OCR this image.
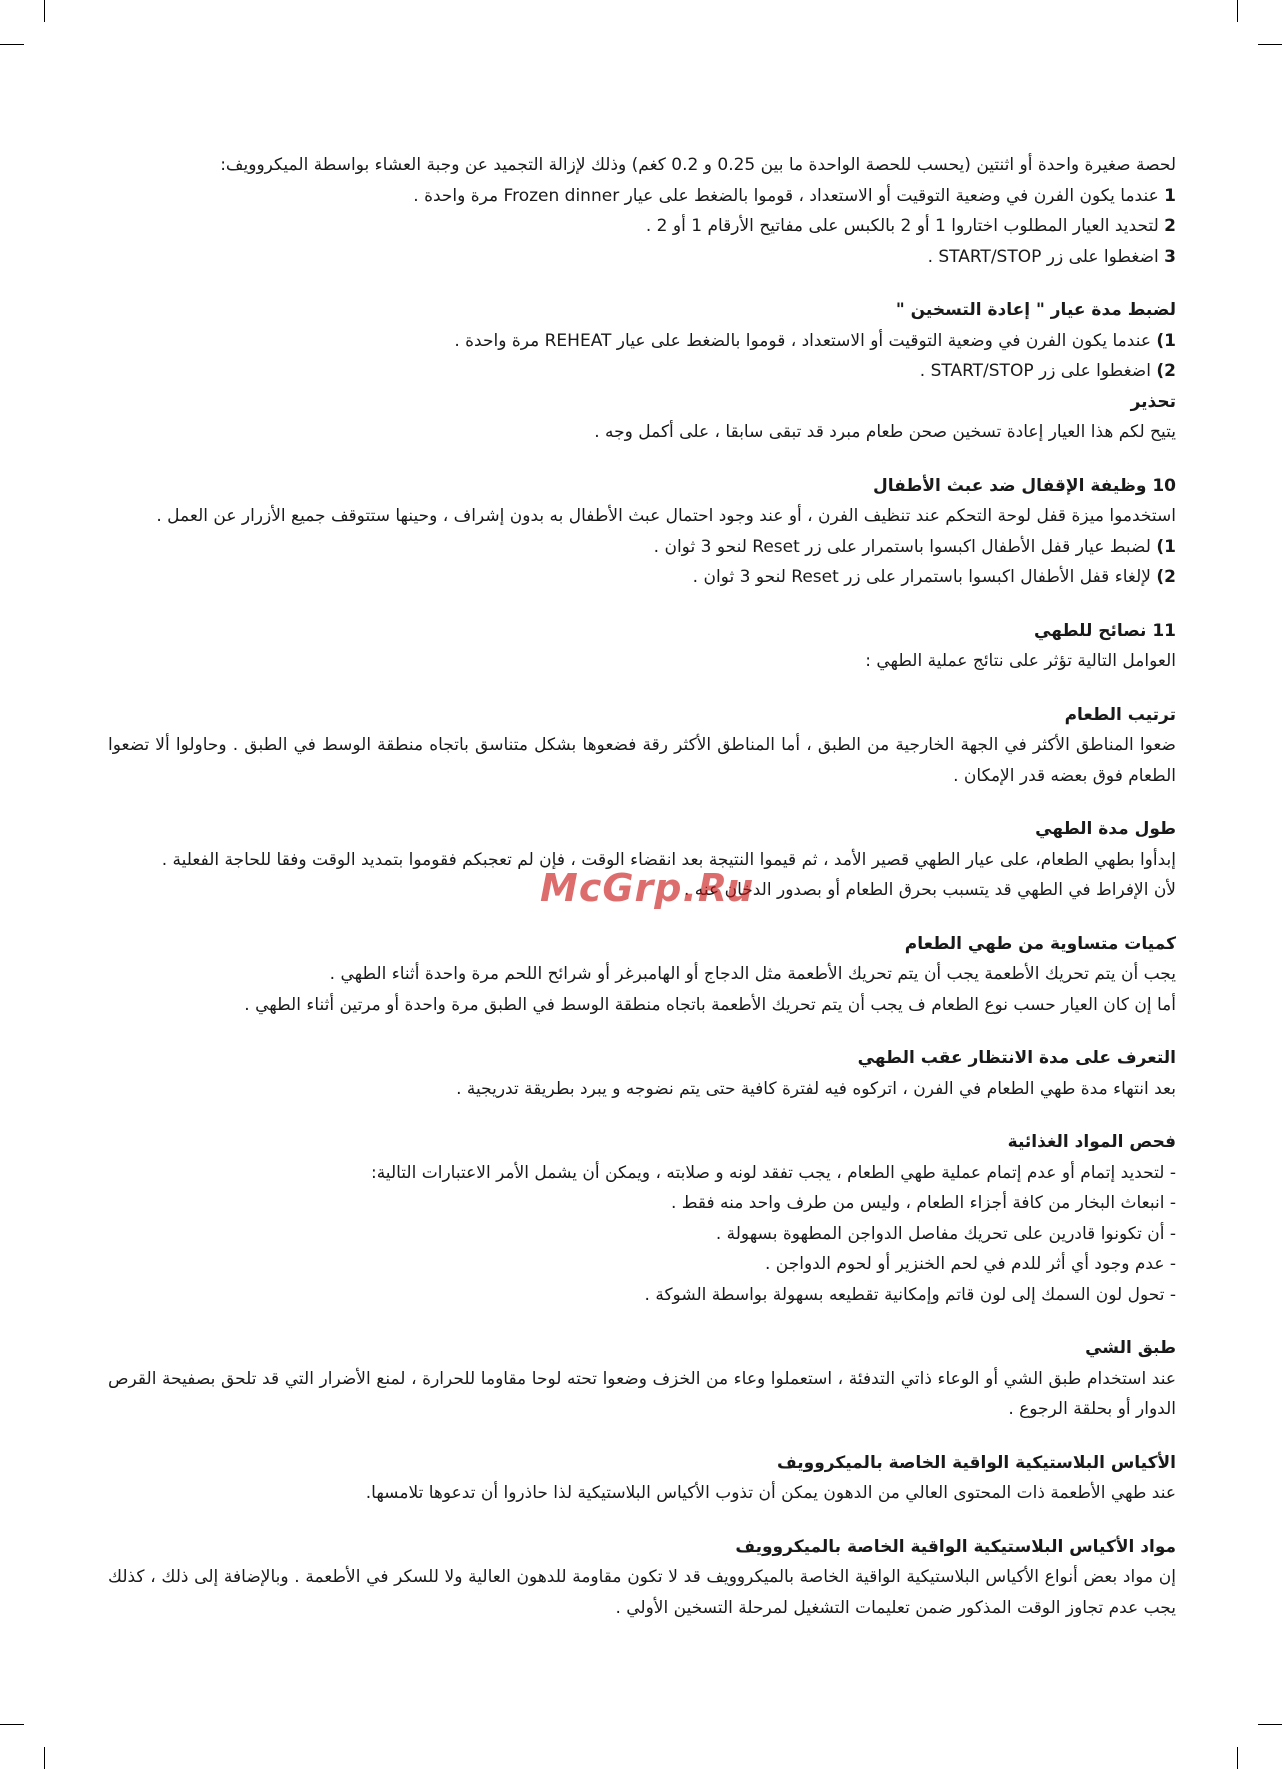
لحصة صغيرة واحدة أو اثنتين (يحسب للحصة الواحدة ما بين 0.25 و 0.2 كغم) وذلك لإزالة التجميد عن وجبة العشاء بواسطة الميكروويف:
1 عندما يكون الفرن في وضعية التوقيت أو الاستعداد ، قوموا بالضغط على عيار Frozen dinner مرة واحدة .
2 لتحديد العيار المطلوب اختاروا 1 أو 2 بالكبس على مفاتيح الأرقام 1 أو 2 .
3 اضغطوا على زر START/STOP .
لضبط مدة عيار " إعادة التسخين "
1) عندما يكون الفرن في وضعية التوقيت أو الاستعداد ، قوموا بالضغط على عيار REHEAT مرة واحدة .
2) اضغطوا على زر START/STOP .
تحذير
يتيح لكم هذا العيار إعادة تسخين صحن طعام مبرد قد تبقى سابقا ، على أكمل وجه .
10 وظيفة الإقفال ضد عبث الأطفال
استخدموا ميزة قفل لوحة التحكم عند تنظيف الفرن ، أو عند وجود احتمال عبث الأطفال به بدون إشراف ، وحينها ستتوقف جميع الأزرار عن العمل .
1) لضبط عيار قفل الأطفال اكبسوا باستمرار على زر Reset لنحو 3 ثوان .
2) لإلغاء قفل الأطفال اكبسوا باستمرار على زر Reset لنحو 3 ثوان .
11 نصائح للطهي
العوامل التالية تؤثر على نتائج عملية الطهي :
ترتيب الطعام
ضعوا المناطق الأكثر في الجهة الخارجية من الطبق ، أما المناطق الأكثر رقة فضعوها بشكل متناسق باتجاه منطقة الوسط في الطبق . وحاولوا ألا تضعوا الطعام فوق بعضه قدر الإمكان .
طول مدة الطهي
إبدأوا بطهي الطعام، على عيار الطهي قصير الأمد ، ثم قيموا النتيجة بعد انقضاء الوقت ، فإن لم تعجبكم فقوموا بتمديد الوقت وفقا للحاجة الفعلية .
لأن الإفراط في الطهي قد يتسبب بحرق الطعام أو بصدور الدخان عنه .
كميات متساوية من طهي الطعام
يجب أن يتم تحريك الأطعمة يجب أن يتم تحريك الأطعمة مثل الدجاج أو الهامبرغر أو شرائح اللحم مرة واحدة أثناء الطهي .
أما إن كان العيار حسب نوع الطعام ف يجب أن يتم تحريك الأطعمة باتجاه منطقة الوسط في الطبق مرة واحدة أو مرتين أثناء الطهي .
التعرف على مدة الانتظار عقب الطهي
بعد انتهاء مدة طهي الطعام في الفرن ، اتركوه فيه لفترة كافية حتى يتم نضوجه و يبرد بطريقة تدريجية .
فحص المواد الغذائية
- لتحديد إتمام أو عدم إتمام عملية طهي الطعام ، يجب تفقد لونه و صلابته ، ويمكن أن يشمل الأمر الاعتبارات التالية:
- انبعاث البخار من كافة أجزاء الطعام ، وليس من طرف واحد منه فقط .
- أن تكونوا قادرين على تحريك مفاصل الدواجن المطهوة بسهولة .
- عدم وجود أي أثر للدم في لحم الخنزير أو لحوم الدواجن .
- تحول لون السمك إلى لون قاتم وإمكانية تقطيعه بسهولة بواسطة الشوكة .
طبق الشي
عند استخدام طبق الشي أو الوعاء ذاتي التدفئة ، استعملوا وعاء من الخزف وضعوا تحته لوحا مقاوما للحرارة ، لمنع الأضرار التي قد تلحق بصفيحة القرص الدوار أو بحلقة الرجوع .
الأكياس البلاستيكية الواقية الخاصة بالميكروويف
عند طهي الأطعمة ذات المحتوى العالي من الدهون يمكن أن تذوب الأكياس البلاستيكية لذا حاذروا أن تدعوها تلامسها.
مواد الأكياس البلاستيكية الواقية الخاصة بالميكروويف
إن مواد بعض أنواع الأكياس البلاستيكية الواقية الخاصة بالميكروويف قد لا تكون مقاومة للدهون العالية ولا للسكر في الأطعمة . وبالإضافة إلى ذلك ، كذلك يجب عدم تجاوز الوقت المذكور ضمن تعليمات التشغيل لمرحلة التسخين الأولي .
McGrp.Ru
